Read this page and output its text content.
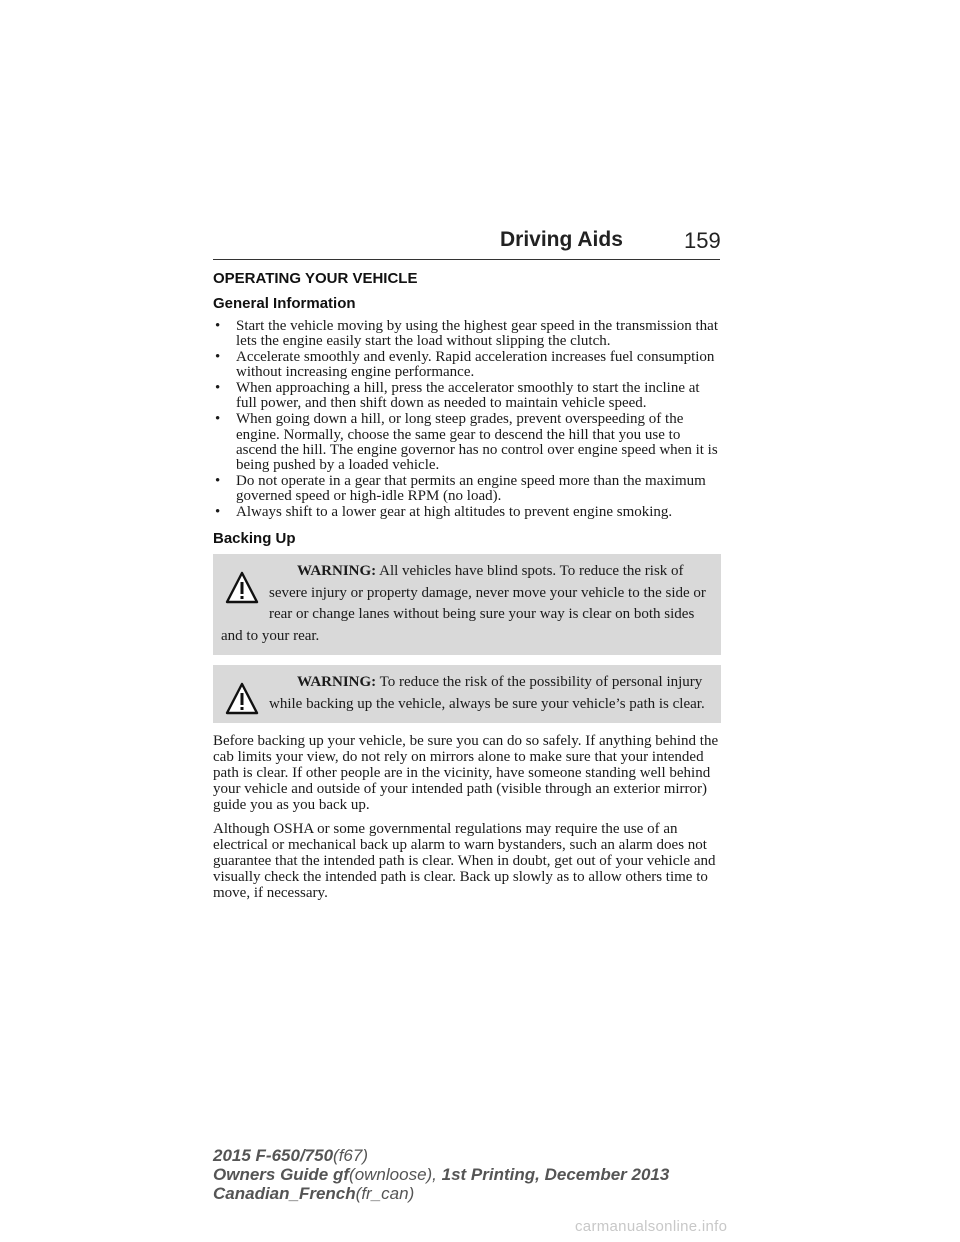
Driving Aids	159
OPERATING YOUR VEHICLE
General Information
• Start the vehicle moving by using the highest gear speed in the transmission that lets the engine easily start the load without slipping the clutch.
• Accelerate smoothly and evenly. Rapid acceleration increases fuel consumption without increasing engine performance.
• When approaching a hill, press the accelerator smoothly to start the incline at full power, and then shift down as needed to maintain vehicle speed.
• When going down a hill, or long steep grades, prevent overspeeding of the engine. Normally, choose the same gear to descend the hill that you use to ascend the hill. The engine governor has no control over engine speed when it is being pushed by a loaded vehicle.
• Do not operate in a gear that permits an engine speed more than the maximum governed speed or high-idle RPM (no load).
• Always shift to a lower gear at high altitudes to prevent engine smoking.
Backing Up
WARNING: All vehicles have blind spots. To reduce the risk of severe injury or property damage, never move your vehicle to the side or rear or change lanes without being sure your way is clear on both sides and to your rear.
WARNING: To reduce the risk of the possibility of personal injury while backing up the vehicle, always be sure your vehicle’s path is clear.

Before backing up your vehicle, be sure you can do so safely. If anything behind the cab limits your view, do not rely on mirrors alone to make sure that your intended path is clear. If other people are in the vicinity, have someone standing well behind your vehicle and outside of your intended path (visible through an exterior mirror) guide you as you back up.

Although OSHA or some governmental regulations may require the use of an electrical or mechanical back up alarm to warn bystanders, such an alarm does not guarantee that the intended path is clear. When in doubt, get out of your vehicle and visually check the intended path is clear. Back up slowly as to allow others time to move, if necessary.

2015 F-650/750(f67)
Owners Guide gf(ownloose), 1st Printing, December 2013
Canadian_French(fr_can)
carmanualsonline.info
